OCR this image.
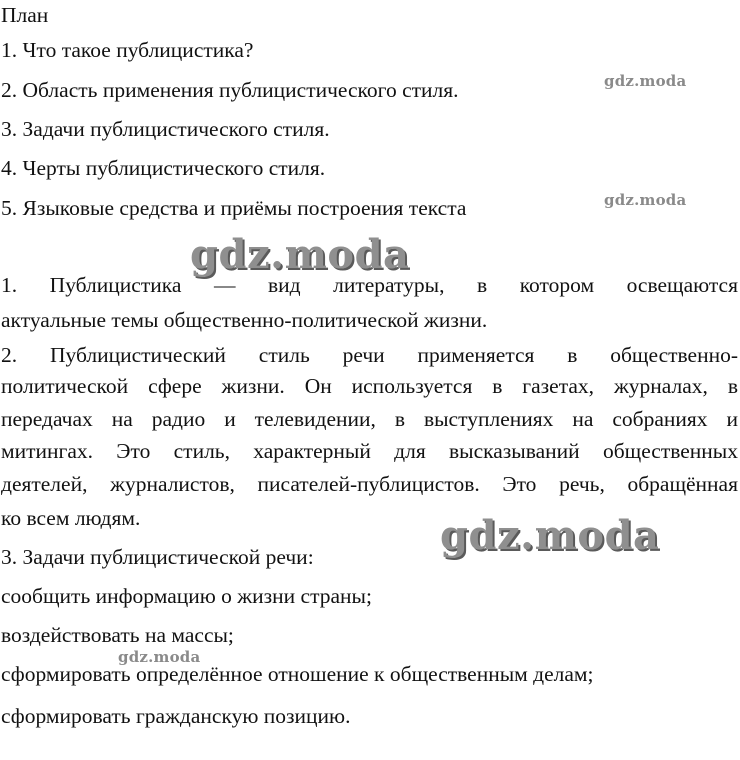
План
1. Что такое публицистика?
2. Область применения публицистического стиля.
3. Задачи публицистического стиля.
4. Черты публицистического стиля.
5. Языковые средства и приёмы построения текста
1. Публицистика — вид литературы, в котором освещаются
актуальные темы общественно-политической жизни.
2. Публицистический стиль речи применяется в общественно-
политической сфере жизни. Он используется в газетах, журналах, в
передачах на радио и телевидении, в выступлениях на собраниях и
митингах. Это стиль, характерный для высказываний общественных
деятелей, журналистов, писателей-публицистов. Это речь, обращённая
ко всем людям.
3. Задачи публицистической речи:
сообщить информацию о жизни страны;
воздействовать на массы;
сформировать определённое отношение к общественным делам;
сформировать гражданскую позицию.
gdz.moda
gdz.moda
gdz.moda
gdz.moda
gdz.moda
